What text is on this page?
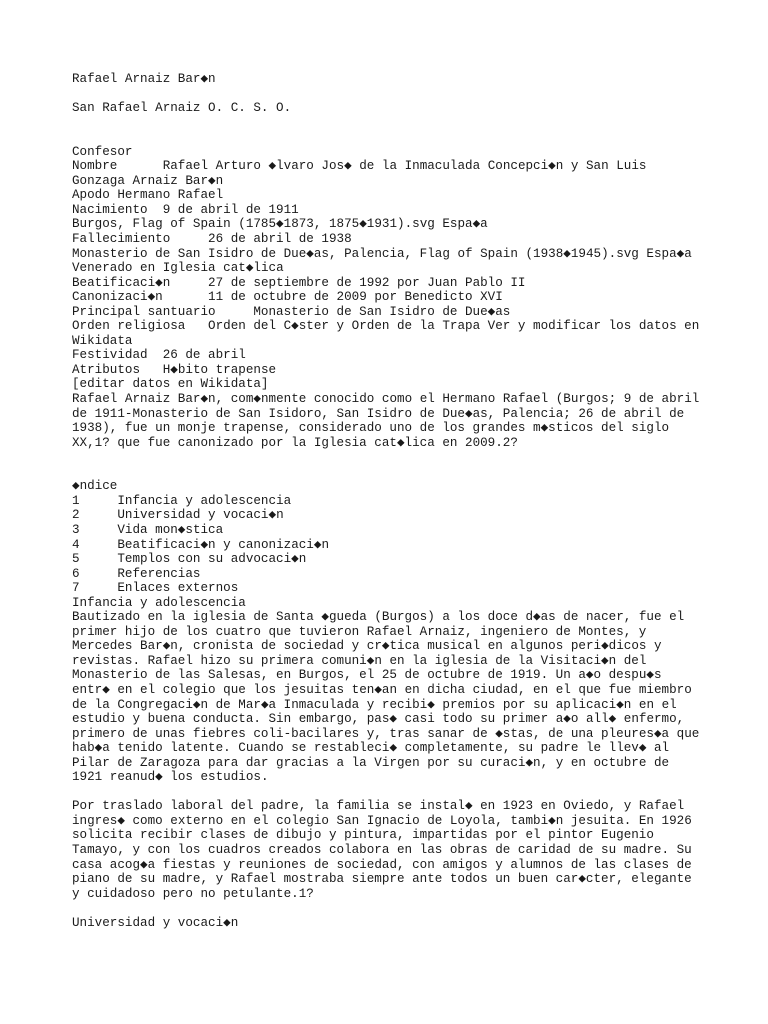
Rafael Arnaiz Bar◆n
San Rafael Arnaiz O. C. S. O.
Confesor
Nombre      Rafael Arturo ◆lvaro Jos◆ de la Inmaculada Concepci◆n y San Luis
Gonzaga Arnaiz Bar◆n
Apodo Hermano Rafael
Nacimiento  9 de abril de 1911
Burgos, Flag of Spain (1785◆1873, 1875◆1931).svg Espa◆a
Fallecimiento     26 de abril de 1938
Monasterio de San Isidro de Due◆as, Palencia, Flag of Spain (1938◆1945).svg Espa◆a
Venerado en Iglesia cat◆lica
Beatificaci◆n     27 de septiembre de 1992 por Juan Pablo II
Canonizaci◆n      11 de octubre de 2009 por Benedicto XVI
Principal santuario     Monasterio de San Isidro de Due◆as
Orden religiosa   Orden del C◆ster y Orden de la Trapa Ver y modificar los datos en
Wikidata
Festividad  26 de abril
Atributos   H◆bito trapense
[editar datos en Wikidata]
Rafael Arnaiz Bar◆n, com◆nmente conocido como el Hermano Rafael (Burgos; 9 de abril
de 1911-Monasterio de San Isidoro, San Isidro de Due◆as, Palencia; 26 de abril de
1938), fue un monje trapense, considerado uno de los grandes m◆sticos del siglo
XX,1? que fue canonizado por la Iglesia cat◆lica en 2009.2?
◆ndice
1     Infancia y adolescencia
2     Universidad y vocaci◆n
3     Vida mon◆stica
4     Beatificaci◆n y canonizaci◆n
5     Templos con su advocaci◆n
6     Referencias
7     Enlaces externos
Infancia y adolescencia
Bautizado en la iglesia de Santa ◆gueda (Burgos) a los doce d◆as de nacer, fue el
primer hijo de los cuatro que tuvieron Rafael Arnaiz, ingeniero de Montes, y
Mercedes Bar◆n, cronista de sociedad y cr◆tica musical en algunos peri◆dicos y
revistas. Rafael hizo su primera comuni◆n en la iglesia de la Visitaci◆n del
Monasterio de las Salesas, en Burgos, el 25 de octubre de 1919. Un a◆o despu◆s
entr◆ en el colegio que los jesuitas ten◆an en dicha ciudad, en el que fue miembro
de la Congregaci◆n de Mar◆a Inmaculada y recibi◆ premios por su aplicaci◆n en el
estudio y buena conducta. Sin embargo, pas◆ casi todo su primer a◆o all◆ enfermo,
primero de unas fiebres coli-bacilares y, tras sanar de ◆stas, de una pleures◆a que
hab◆a tenido latente. Cuando se restableci◆ completamente, su padre le llev◆ al
Pilar de Zaragoza para dar gracias a la Virgen por su curaci◆n, y en octubre de
1921 reanud◆ los estudios.
Por traslado laboral del padre, la familia se instal◆ en 1923 en Oviedo, y Rafael
ingres◆ como externo en el colegio San Ignacio de Loyola, tambi◆n jesuita. En 1926
solicita recibir clases de dibujo y pintura, impartidas por el pintor Eugenio
Tamayo, y con los cuadros creados colabora en las obras de caridad de su madre. Su
casa acog◆a fiestas y reuniones de sociedad, con amigos y alumnos de las clases de
piano de su madre, y Rafael mostraba siempre ante todos un buen car◆cter, elegante
y cuidadoso pero no petulante.1?
Universidad y vocaci◆n
